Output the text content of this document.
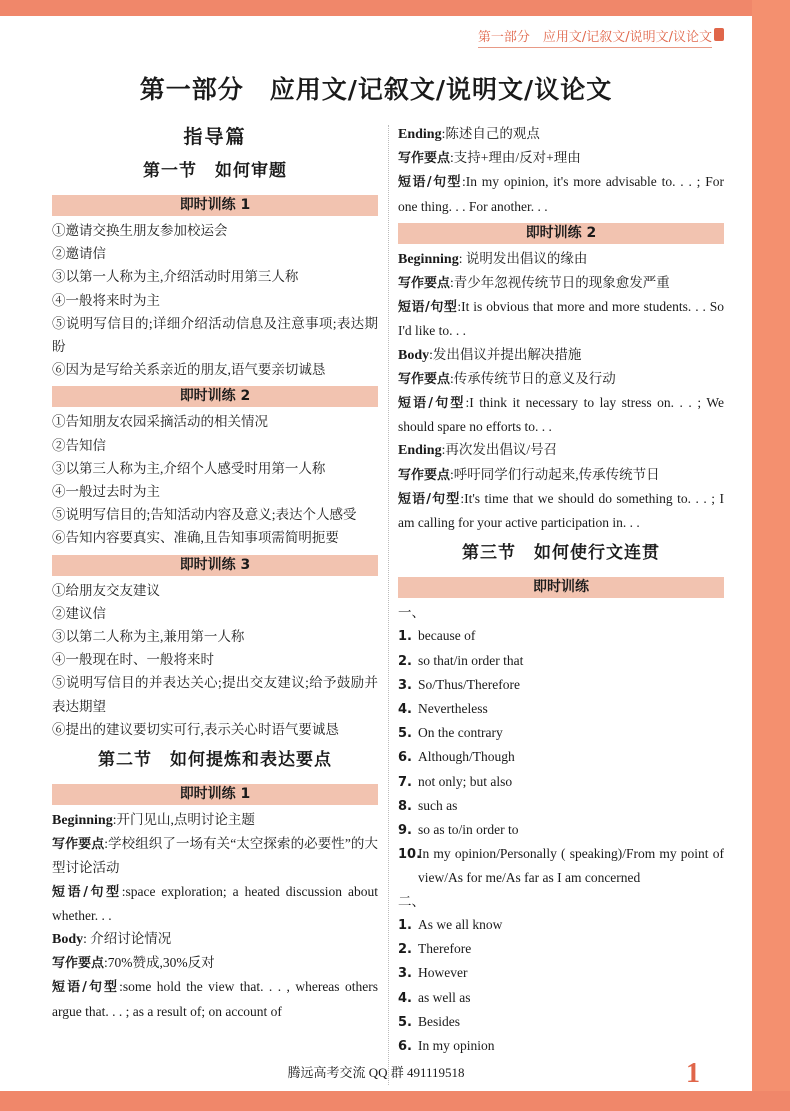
第一部分　应用文/记叙文/说明文/议论文
第一部分　应用文/记叙文/说明文/议论文
指导篇
第一节　如何审题
即时训练 1
①邀请交换生朋友参加校运会
②邀请信
③以第一人称为主,介绍活动时用第三人称
④一般将来时为主
⑤说明写信目的;详细介绍活动信息及注意事项;表达期盼
⑥因为是写给关系亲近的朋友,语气要亲切诚恳
即时训练 2
①告知朋友农园采摘活动的相关情况
②告知信
③以第三人称为主,介绍个人感受时用第一人称
④一般过去时为主
⑤说明写信目的;告知活动内容及意义;表达个人感受
⑥告知内容要真实、准确,且告知事项需简明扼要
即时训练 3
①给朋友交友建议
②建议信
③以第二人称为主,兼用第一人称
④一般现在时、一般将来时
⑤说明写信目的并表达关心;提出交友建议;给予鼓励并表达期望
⑥提出的建议要切实可行,表示关心时语气要诚恳
第二节　如何提炼和表达要点
即时训练 1
Beginning:开门见山,点明讨论主题
写作要点:学校组织了一场有关“太空探索的必要性”的大型讨论活动
短语/句型:space exploration; a heated discussion about whether. . .
Body: 介绍讨论情况
写作要点:70%赞成,30%反对
短语/句型:some hold the view that. . . , whereas others argue that. . . ; as a result of; on account of
Ending:陈述自己的观点
写作要点:支持+理由/反对+理由
短语/句型:In my opinion, it's more advisable to. . . ; For one thing. . . For another. . .
即时训练 2
Beginning: 说明发出倡议的缘由
写作要点:青少年忽视传统节日的现象愈发严重
短语/句型:It is obvious that more and more students. . . So I'd like to. . .
Body:发出倡议并提出解决措施
写作要点:传承传统节日的意义及行动
短语/句型:I think it necessary to lay stress on. . . ; We should spare no efforts to. . .
Ending:再次发出倡议/号召
写作要点:呼吁同学们行动起来,传承传统节日
短语/句型:It's time that we should do something to. . . ; I am calling for your active participation in. . .
第三节　如何使行文连贯
即时训练
一、
1. because of
2. so that/in order that
3. So/Thus/Therefore
4. Nevertheless
5. On the contrary
6. Although/Though
7. not only; but also
8. such as
9. so as to/in order to
10.In my opinion/Personally ( speaking)/From my point of view/As for me/As far as I am concerned
二、
1. As we all know
2. Therefore
3. However
4. as well as
5. Besides
6. In my opinion
腾远高考交流 QQ 群 491119518	1
